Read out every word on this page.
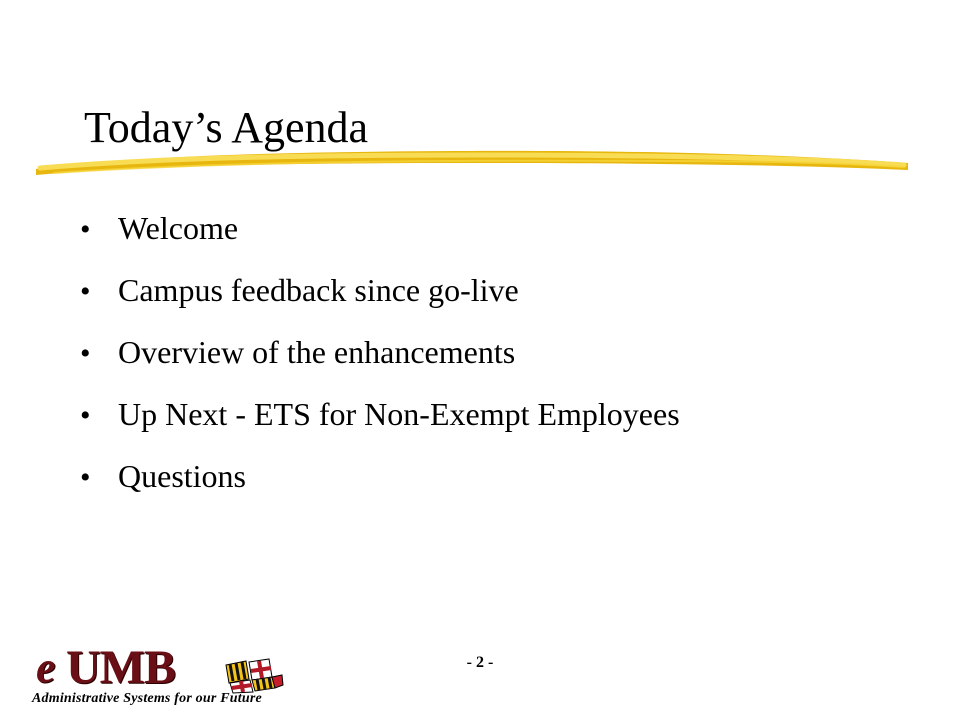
Today’s Agenda
• Welcome
• Campus feedback since go-live
• Overview of the enhancements
• Up Next - ETS for Non-Exempt Employees
• Questions
- 2 -
e UMB
Administrative Systems for our Future
